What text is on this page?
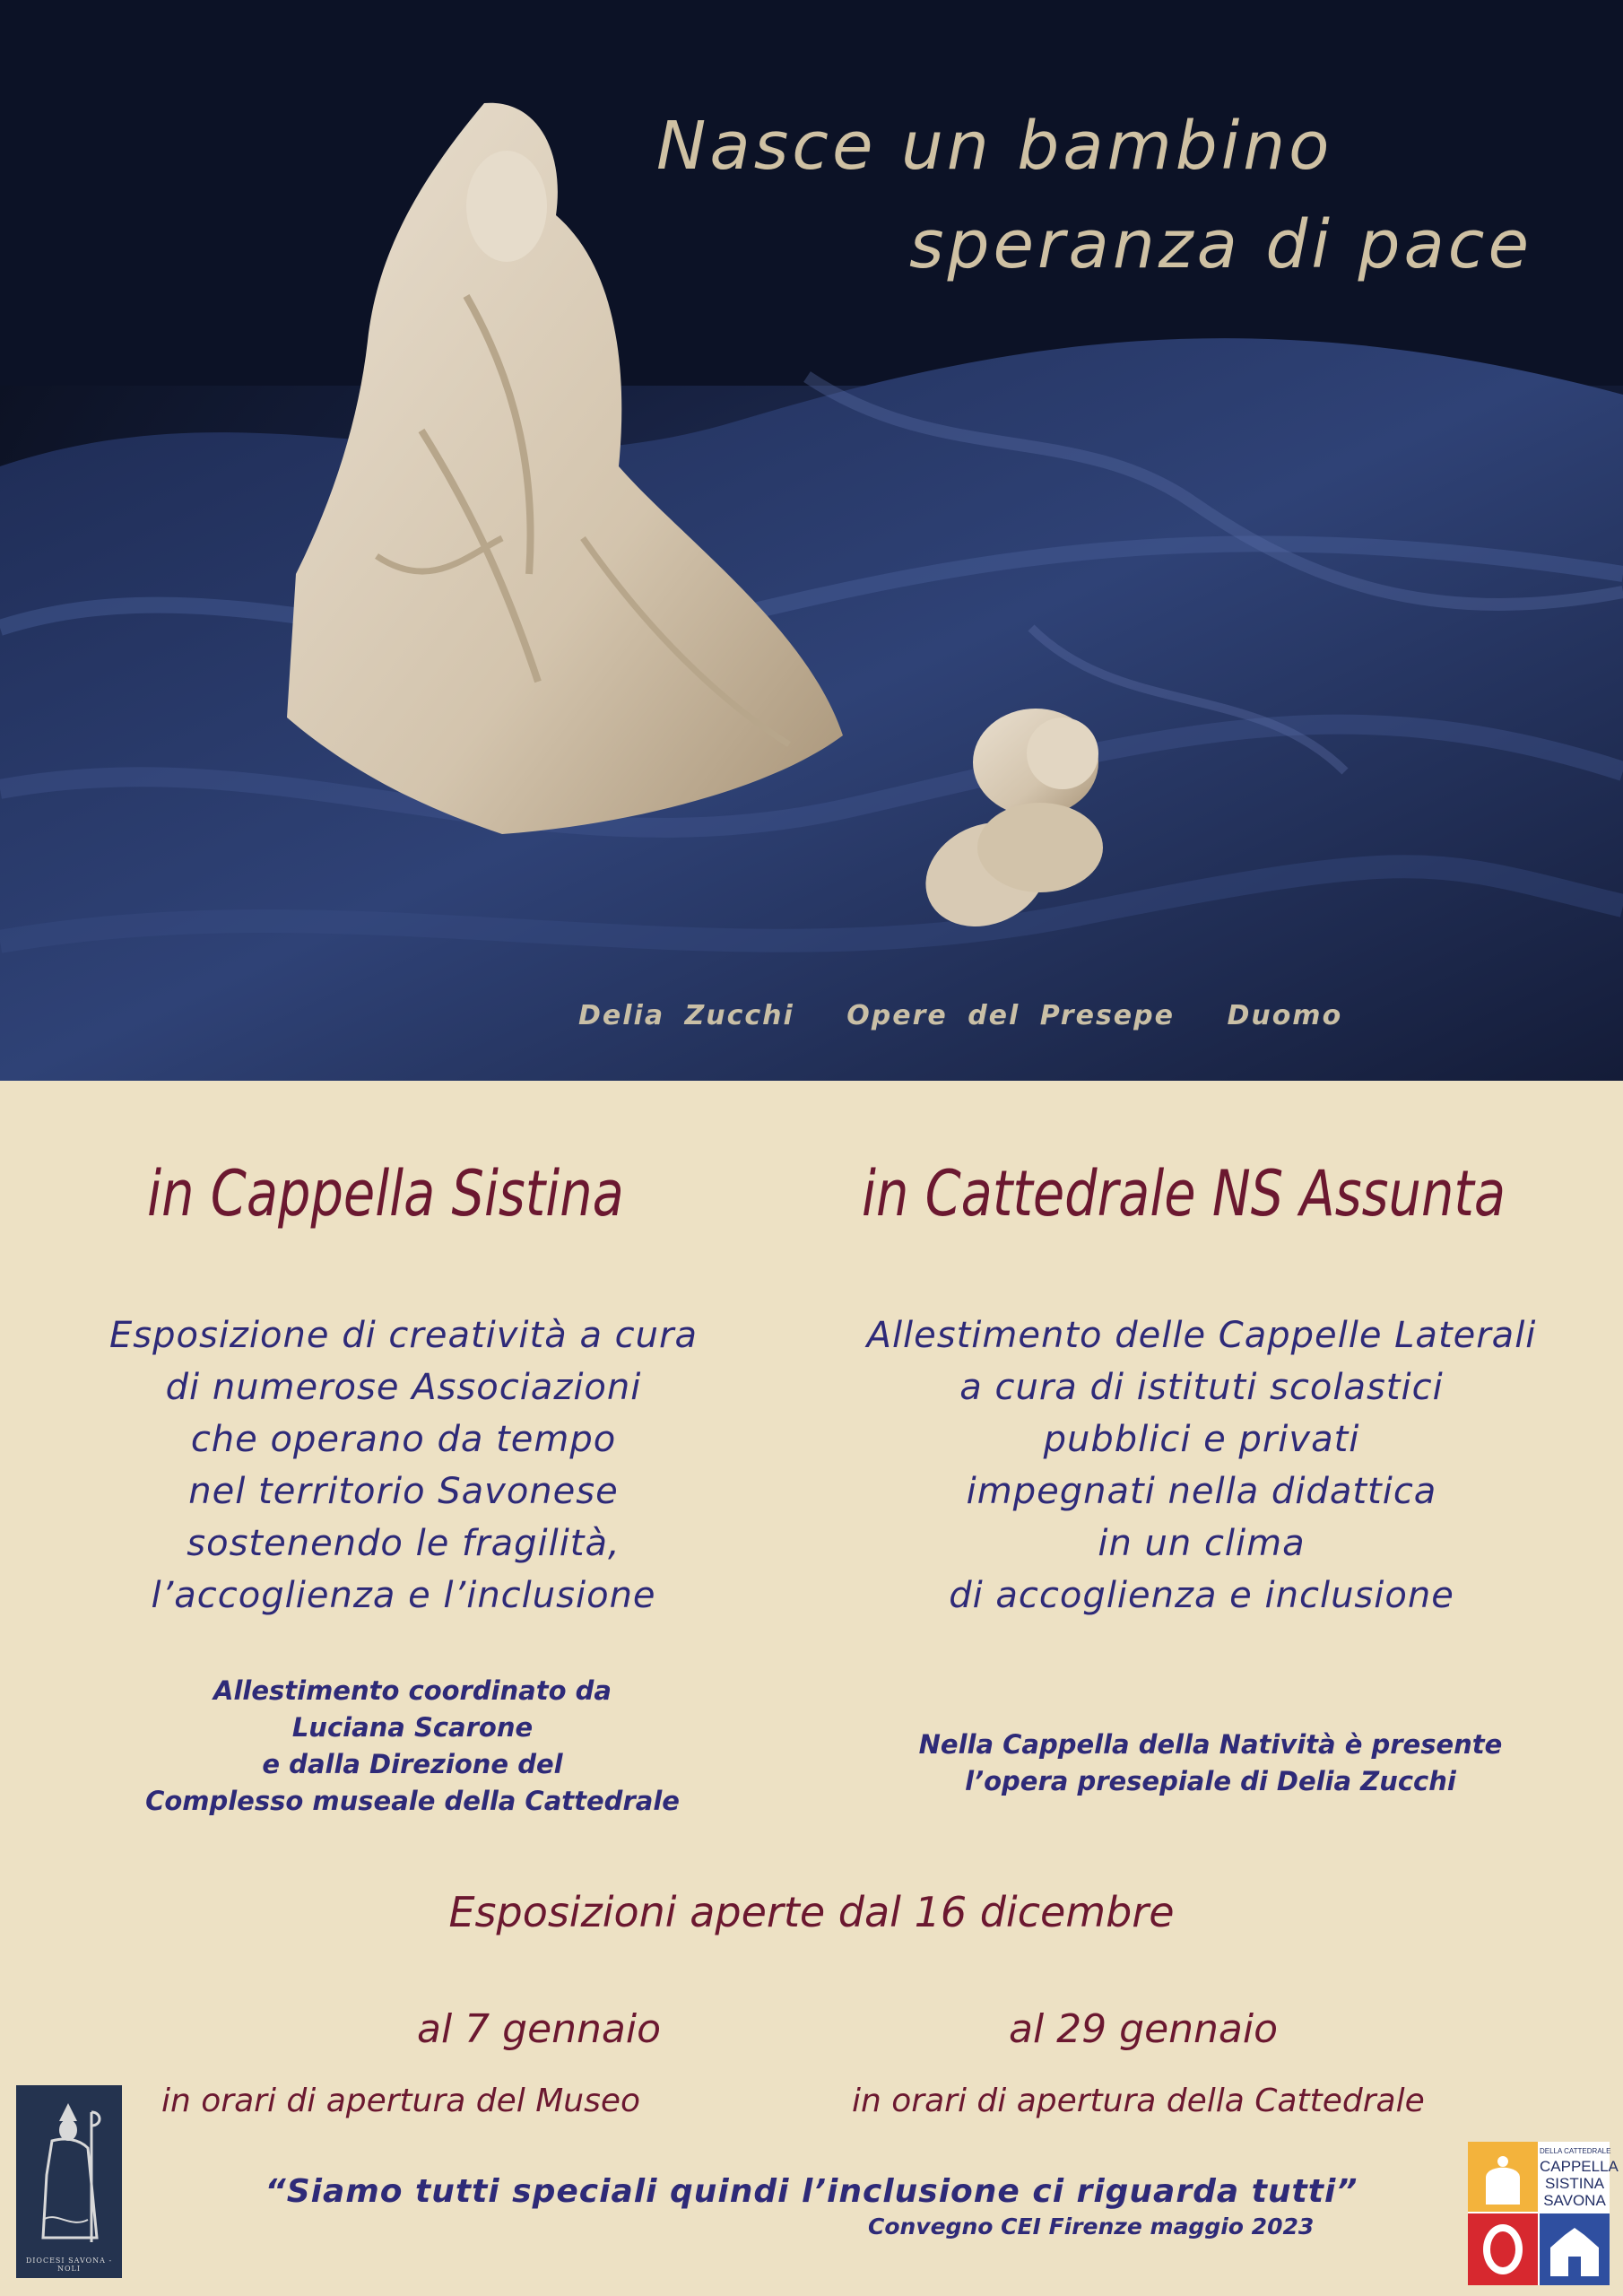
Nasce un bambino
speranza di pace
Delia Zucchi Opere del Presepe Duomo
in Cappella Sistina	in Cattedrale NS Assunta
Esposizione di creatività a cura
di numerose Associazioni
che operano da tempo
nel territorio Savonese
sostenendo le fragilità,
l’accoglienza e l’inclusione
Allestimento delle Cappelle Laterali
a cura di istituti scolastici
pubblici e privati
impegnati nella didattica
in un clima
di accoglienza e inclusione
Allestimento coordinato da
Luciana Scarone
e dalla Direzione del
Complesso museale della Cattedrale
Nella Cappella della Natività è presente
l’opera presepiale di Delia Zucchi
Esposizioni aperte dal 16 dicembre
al 7 gennaio	al 29 gennaio
in orari di apertura del Museo	in orari di apertura della Cattedrale
“Siamo tutti speciali quindi l’inclusione ci riguarda tutti”
Convegno CEI Firenze maggio 2023
DIOCESI SAVONA - NOLI
DELLA CATTEDRALE
CAPPELLA
SISTINA
SAVONA
